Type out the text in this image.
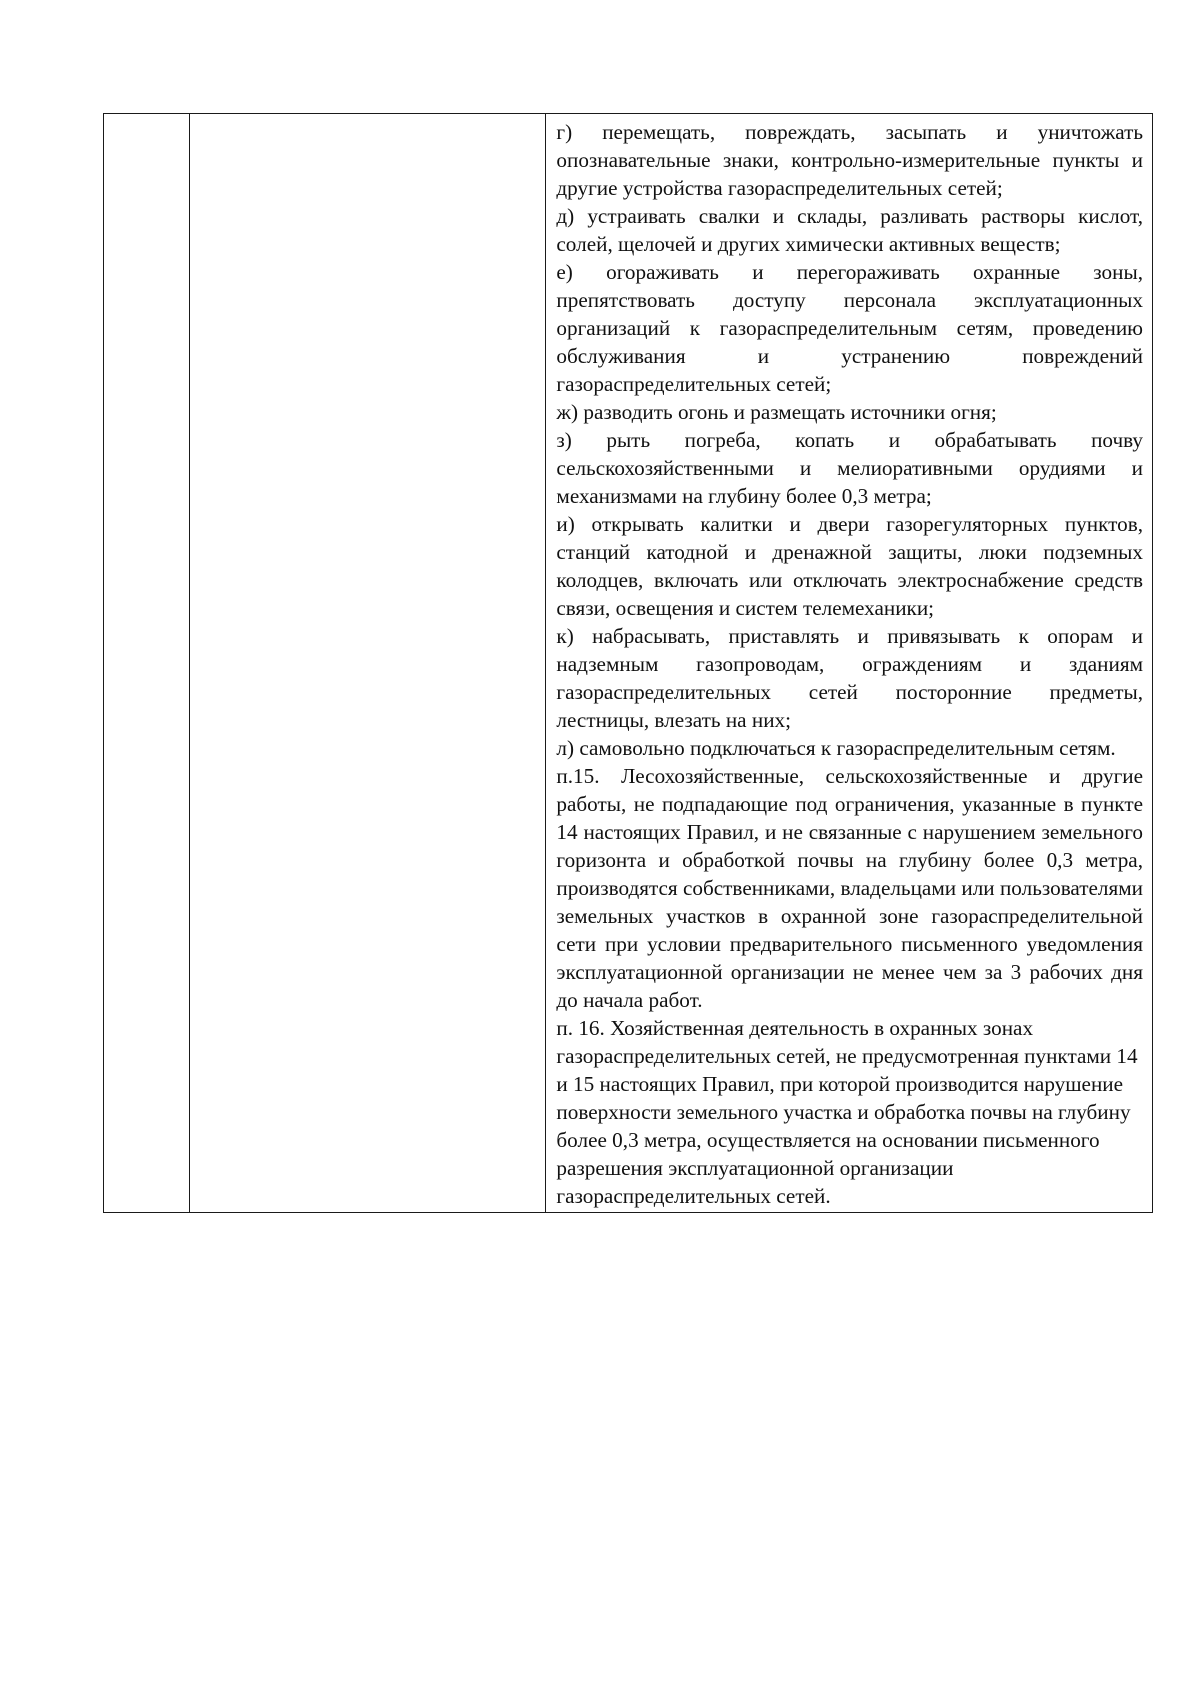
г) перемещать, повреждать, засыпать и уничтожать опознавательные знаки, контрольно-измерительные пункты и другие устройства газораспределительных сетей;

д) устраивать свалки и склады, разливать растворы кислот, солей, щелочей и других химически активных веществ;

е) огораживать и перегораживать охранные зоны, препятствовать доступу персонала эксплуатационных организаций к газораспределительным сетям, проведению обслуживания и устранению повреждений газораспределительных сетей;

ж) разводить огонь и размещать источники огня;

з) рыть погреба, копать и обрабатывать почву сельскохозяйственными и мелиоративными орудиями и механизмами на глубину более 0,3 метра;

и) открывать калитки и двери газорегуляторных пунктов, станций катодной и дренажной защиты, люки подземных колодцев, включать или отключать электроснабжение средств связи, освещения и систем телемеханики;

к) набрасывать, приставлять и привязывать к опорам и надземным газопроводам, ограждениям и зданиям газораспределительных сетей посторонние предметы, лестницы, влезать на них;

л) самовольно подключаться к газораспределительным сетям.

п.15. Лесохозяйственные, сельскохозяйственные и другие работы, не подпадающие под ограничения, указанные в пункте 14 настоящих Правил, и не связанные с нарушением земельного горизонта и обработкой почвы на глубину более 0,3 метра, производятся собственниками, владельцами или пользователями земельных участков в охранной зоне газораспределительной сети при условии предварительного письменного уведомления эксплуатационной организации не менее чем за 3 рабочих дня до начала работ.

п. 16. Хозяйственная деятельность в охранных зонах газораспределительных сетей, не предусмотренная пунктами 14 и 15 настоящих Правил, при которой производится нарушение поверхности земельного участка и обработка почвы на глубину более 0,3 метра, осуществляется на основании письменного разрешения эксплуатационной организации газораспределительных сетей.
